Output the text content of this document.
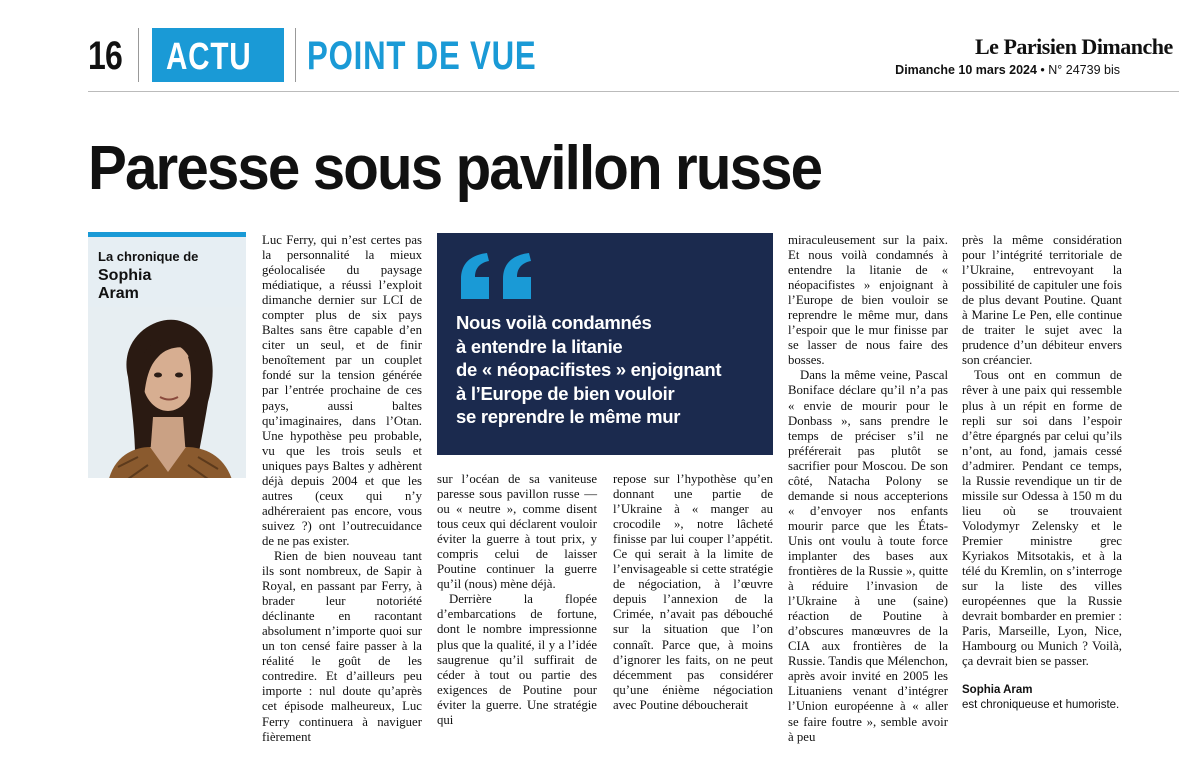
16 ACTU POINT DE VUE	Le Parisien Dimanche
Dimanche 10 mars 2024 • N° 24739 bis
Paresse sous pavillon russe
La chronique de
Sophia
Aram

Luc Ferry, qui n’est certes pas la personnalité la mieux géolocalisée du paysage médiatique, a réussi l’exploit dimanche dernier sur LCI de compter plus de six pays Baltes sans être capable d’en citer un seul, et de finir benoîtement par un couplet fondé sur la tension générée par l’entrée prochaine de ces pays, aussi baltes qu’imaginaires, dans l’Otan. Une hypothèse peu probable, vu que les trois seuls et uniques pays Baltes y adhèrent déjà depuis 2004 et que les autres (ceux qui n’y adhéreraient pas encore, vous suivez ?) ont l’outrecuidance de ne pas exister.

Rien de bien nouveau tant ils sont nombreux, de Sapir à Royal, en passant par Ferry, à brader leur notoriété déclinante en racontant absolument n’importe quoi sur un ton censé faire passer à la réalité le goût de les contredire. Et d’ailleurs peu importe : nul doute qu’après cet épisode malheureux, Luc Ferry continuera à naviguer fièrement

Nous voilà condamnés
à entendre la litanie
de « néopacifistes » enjoignant
à l’Europe de bien vouloir
se reprendre le même mur

sur l’océan de sa vaniteuse paresse sous pavillon russe — ou « neutre », comme disent tous ceux qui déclarent vouloir éviter la guerre à tout prix, y compris celui de laisser Poutine continuer la guerre qu’il (nous) mène déjà.

Derrière la flopée d’embarcations de fortune, dont le nombre impressionne plus que la qualité, il y a l’idée saugrenue qu’il suffirait de céder à tout ou partie des exigences de Poutine pour éviter la guerre. Une stratégie qui

repose sur l’hypothèse qu’en donnant une partie de l’Ukraine à « manger au crocodile », notre lâcheté finisse par lui couper l’appétit. Ce qui serait à la limite de l’envisageable si cette stratégie de négociation, à l’œuvre depuis l’annexion de la Crimée, n’avait pas débouché sur la situation que l’on connaît. Parce que, à moins d’ignorer les faits, on ne peut décemment pas considérer qu’une énième négociation avec Poutine déboucherait

miraculeusement sur la paix. Et nous voilà condamnés à entendre la litanie de « néopacifistes » enjoignant à l’Europe de bien vouloir se reprendre le même mur, dans l’espoir que le mur finisse par se lasser de nous faire des bosses.

Dans la même veine, Pascal Boniface déclare qu’il n’a pas « envie de mourir pour le Donbass », sans prendre le temps de préciser s’il ne préférerait pas plutôt se sacrifier pour Moscou. De son côté, Natacha Polony se demande si nous accepterions « d’envoyer nos enfants mourir parce que les États-Unis ont voulu à toute force implanter des bases aux frontières de la Russie », quitte à réduire l’invasion de l’Ukraine à une (saine) réaction de Poutine à d’obscures manœuvres de la CIA aux frontières de la Russie. Tandis que Mélenchon, après avoir invité en 2005 les Lituaniens venant d’intégrer l’Union européenne à « aller se faire foutre », semble avoir à peu

près la même considération pour l’intégrité territoriale de l’Ukraine, entrevoyant la possibilité de capituler une fois de plus devant Poutine. Quant à Marine Le Pen, elle continue de traiter le sujet avec la prudence d’un débiteur envers son créancier.

Tous ont en commun de rêver à une paix qui ressemble plus à un répit en forme de repli sur soi dans l’espoir d’être épargnés par celui qu’ils n’ont, au fond, jamais cessé d’admirer. Pendant ce temps, la Russie revendique un tir de missile sur Odessa à 150 m du lieu où se trouvaient Volodymyr Zelensky et le Premier ministre grec Kyriakos Mitsotakis, et à la télé du Kremlin, on s’interroge sur la liste des villes européennes que la Russie devrait bombarder en premier : Paris, Marseille, Lyon, Nice, Hambourg ou Munich ? Voilà, ça devrait bien se passer.

Sophia Aram
est chroniqueuse et humoriste.
